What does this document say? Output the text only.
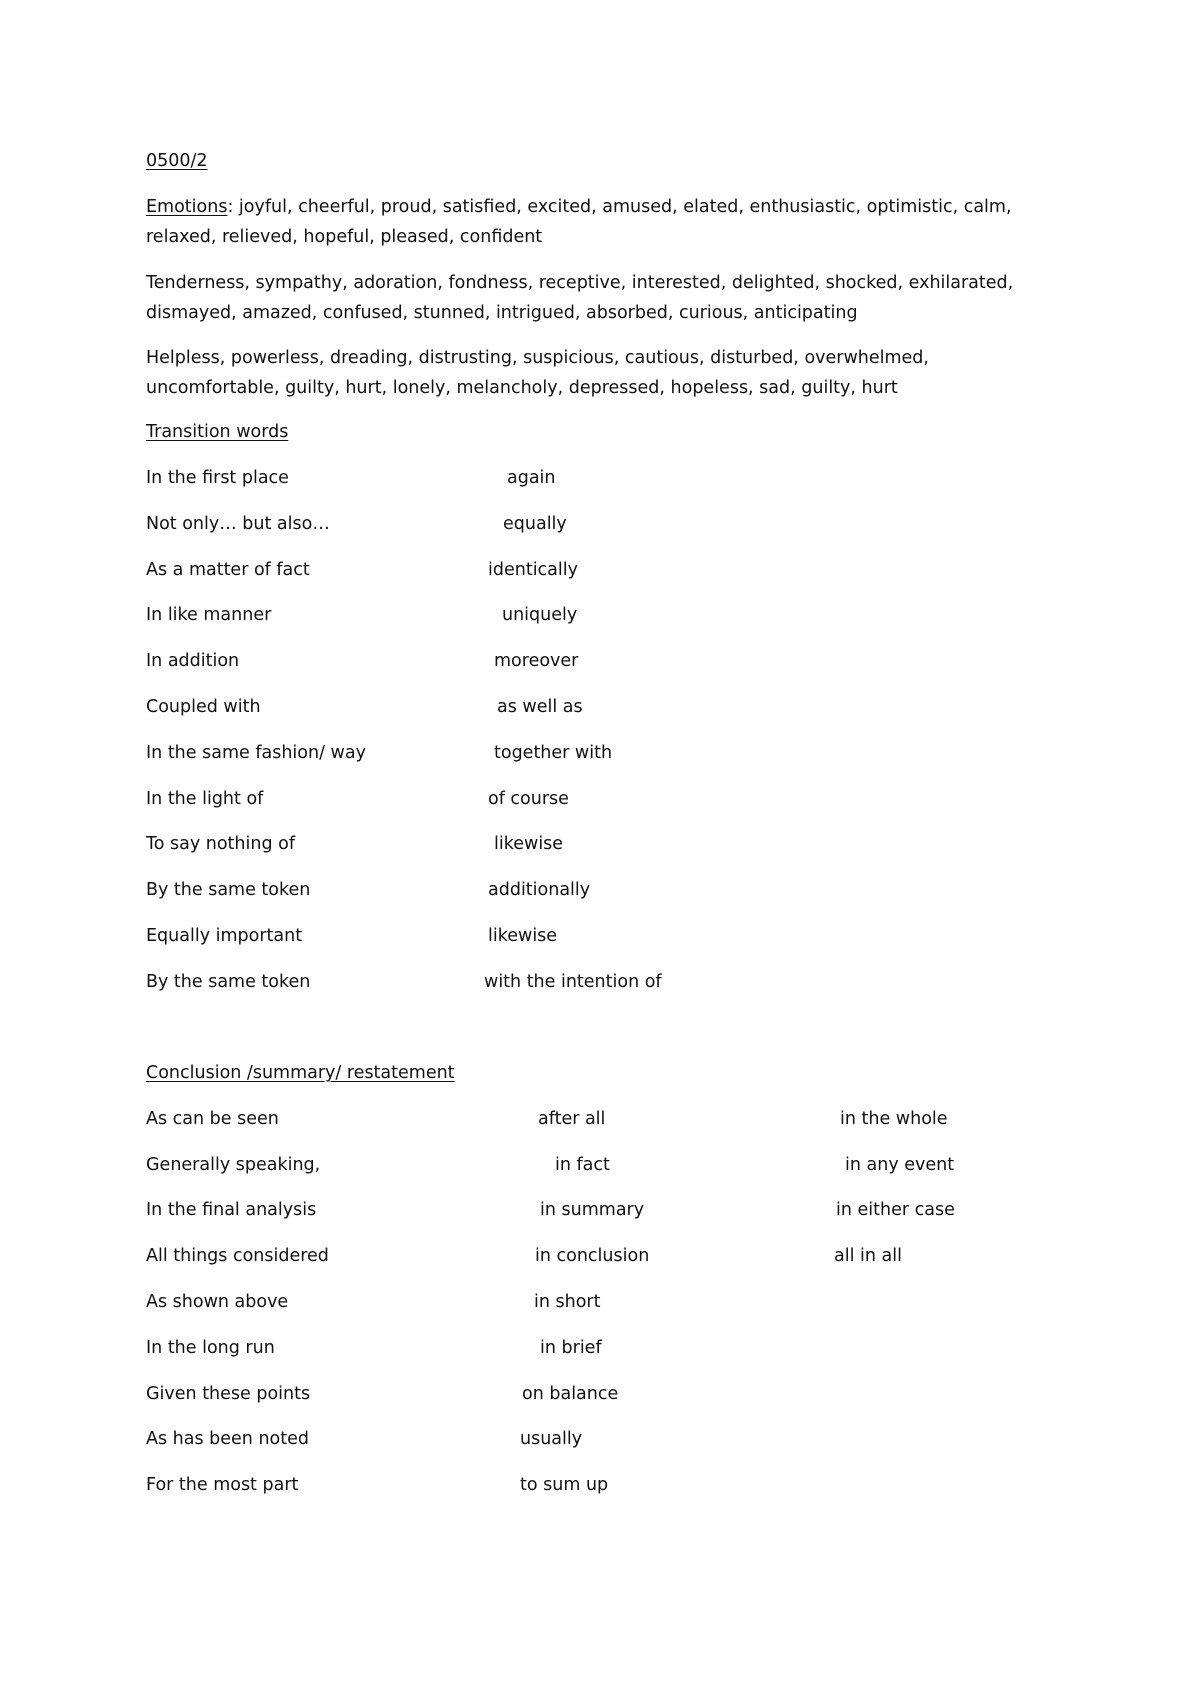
0500/2
Emotions: joyful, cheerful, proud, satisfied, excited, amused, elated, enthusiastic, optimistic, calm,
relaxed, relieved, hopeful, pleased, confident
Tenderness, sympathy, adoration, fondness, receptive, interested, delighted, shocked, exhilarated,
dismayed, amazed, confused, stunned, intrigued, absorbed, curious, anticipating
Helpless, powerless, dreading, distrusting, suspicious, cautious, disturbed, overwhelmed,
uncomfortable, guilty, hurt, lonely, melancholy, depressed, hopeless, sad, guilty, hurt
Transition words
In the first place	again
Not only… but also…	equally
As a matter of fact	identically
In like manner	uniquely
In addition	moreover
Coupled with	as well as
In the same fashion/ way	together with
In the light of	of course
To say nothing of	likewise
By the same token	additionally
Equally important	likewise
By the same token	with the intention of
Conclusion /summary/ restatement
As can be seen	after all	in the whole
Generally speaking,	in fact	in any event
In the final analysis	in summary	in either case
All things considered	in conclusion	all in all
As shown above	in short
In the long run	in brief
Given these points	on balance
As has been noted	usually
For the most part	to sum up
